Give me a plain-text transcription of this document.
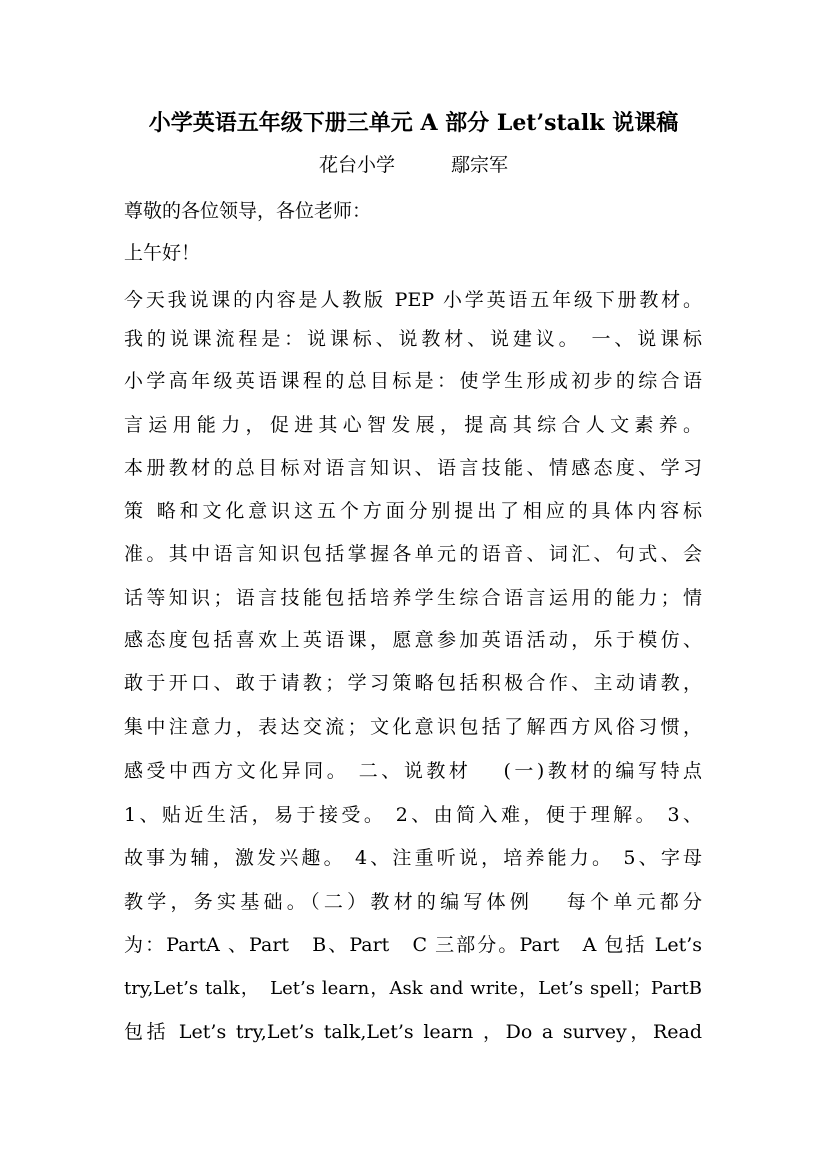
小学英语五年级下册三单元 A 部分 Let’stalk 说课稿
花台小学	鄢宗军
尊敬的各位领导，各位老师：
上午好！
今天我说课的内容是人教版 PEP 小学英语五年级下册教材。
我的说课流程是：说课标、说教材、说建议。 一、说课标
小学高年级英语课程的总目标是：使学生形成初步的综合语
言运用能力，促进其心智发展，提高其综合人文素养。
本册教材的总目标对语言知识、语言技能、情感态度、学习
策 略和文化意识这五个方面分别提出了相应的具体内容标
准。其中语言知识包括掌握各单元的语音、词汇、句式、会
话等知识；语言技能包括培养学生综合语言运用的能力；情
感态度包括喜欢上英语课，愿意参加英语活动，乐于模仿、
敢于开口、敢于请教；学习策略包括积极合作、主动请教，
集中注意力，表达交流；文化意识包括了解西方风俗习惯，
感受中西方文化异同。 二、说教材　 (一)教材的编写特点
1、贴近生活，易于接受。 2、由简入难，便于理解。 3、
故事为辅，激发兴趣。 4、注重听说，培养能力。 5、字母
教学，务实基础。（二）教材的编写体例　 每个单元都分
为：PartA 、Part　B、Part　C 三部分。Part　A 包括 Let’s
try,Let’s talk，　Let’s learn，Ask and write，Let’s spell；PartB
包括 Let’s try,Let’s talk,Let’s learn ，Do a survey，Read
